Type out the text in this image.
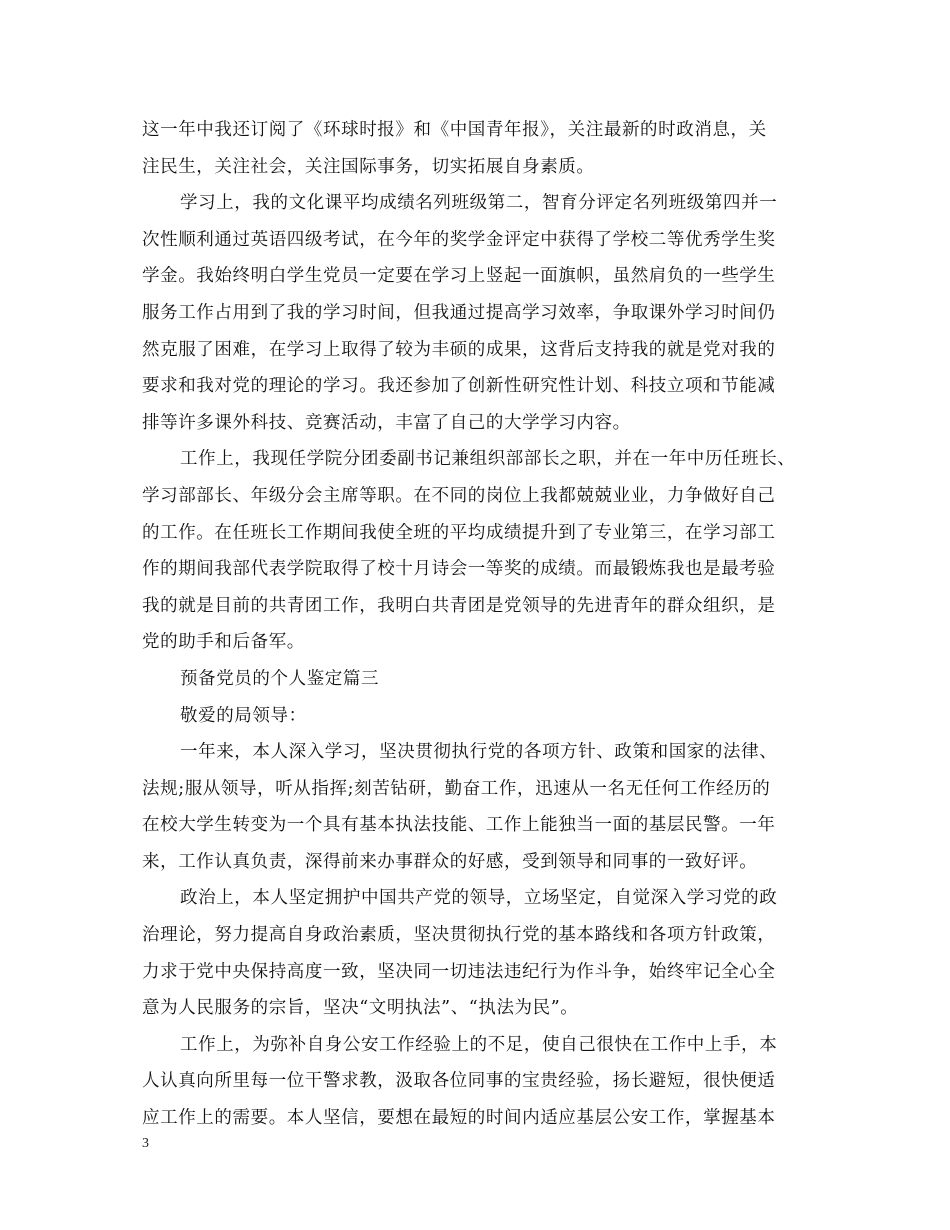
这一年中我还订阅了《环球时报》和《中国青年报》，关注最新的时政消息，关
注民生，关注社会，关注国际事务，切实拓展自身素质。
学习上，我的文化课平均成绩名列班级第二，智育分评定名列班级第四并一
次性顺利通过英语四级考试，在今年的奖学金评定中获得了学校二等优秀学生奖
学金。我始终明白学生党员一定要在学习上竖起一面旗帜，虽然肩负的一些学生
服务工作占用到了我的学习时间，但我通过提高学习效率，争取课外学习时间仍
然克服了困难，在学习上取得了较为丰硕的成果，这背后支持我的就是党对我的
要求和我对党的理论的学习。我还参加了创新性研究性计划、科技立项和节能减
排等许多课外科技、竞赛活动，丰富了自己的大学学习内容。
工作上，我现任学院分团委副书记兼组织部部长之职，并在一年中历任班长、
学习部部长、年级分会主席等职。在不同的岗位上我都兢兢业业，力争做好自己
的工作。在任班长工作期间我使全班的平均成绩提升到了专业第三，在学习部工
作的期间我部代表学院取得了校十月诗会一等奖的成绩。而最锻炼我也是最考验
我的就是目前的共青团工作，我明白共青团是党领导的先进青年的群众组织，是
党的助手和后备军。
预备党员的个人鉴定篇三
敬爱的局领导：
一年来，本人深入学习，坚决贯彻执行党的各项方针、政策和国家的法律、
法规;服从领导，听从指挥;刻苦钻研，勤奋工作，迅速从一名无任何工作经历的
在校大学生转变为一个具有基本执法技能、工作上能独当一面的基层民警。一年
来，工作认真负责，深得前来办事群众的好感，受到领导和同事的一致好评。
政治上，本人坚定拥护中国共产党的领导，立场坚定，自觉深入学习党的政
治理论，努力提高自身政治素质，坚决贯彻执行党的基本路线和各项方针政策，
力求于党中央保持高度一致，坚决同一切违法违纪行为作斗争，始终牢记全心全
意为人民服务的宗旨，坚决“文明执法”、“执法为民”。
工作上，为弥补自身公安工作经验上的不足，使自己很快在工作中上手，本
人认真向所里每一位干警求教，汲取各位同事的宝贵经验，扬长避短，很快便适
应工作上的需要。本人坚信，要想在最短的时间内适应基层公安工作，掌握基本
3
